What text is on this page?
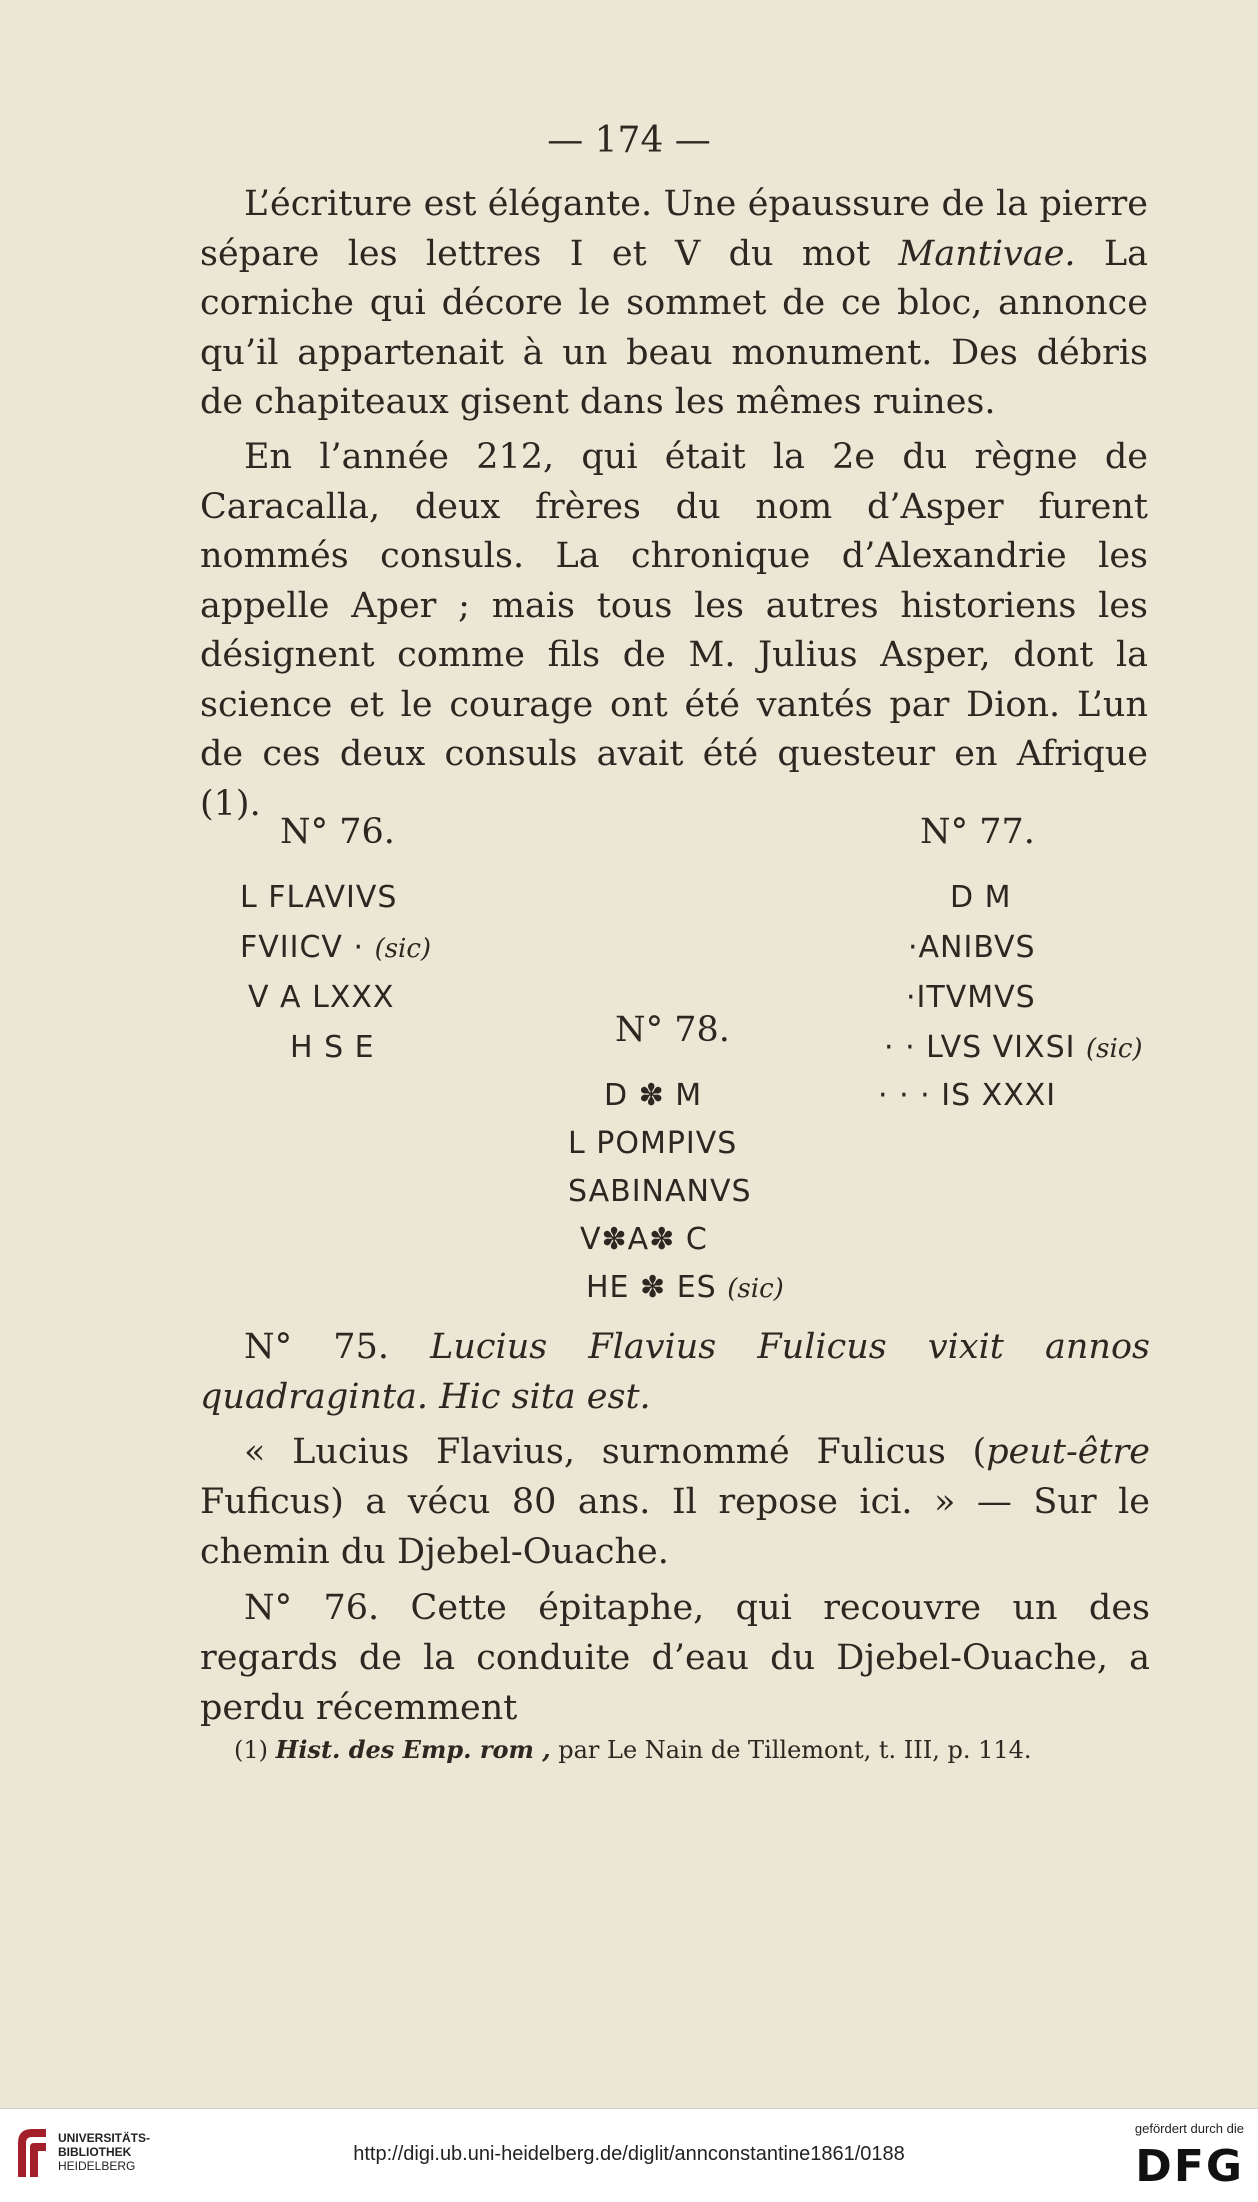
— 174 —
L’écriture est élégante. Une épaussure de la pierre sépare les lettres I et V du mot Mantivae. La corniche qui décore le sommet de ce bloc, annonce qu’il appartenait à un beau monument. Des débris de chapiteaux gisent dans les mêmes ruines.
En l’année 212, qui était la 2e du règne de Caracalla, deux frères du nom d’Asper furent nommés consuls. La chronique d’Alexandrie les appelle Aper ; mais tous les autres historiens les désignent comme fils de M. Julius Asper, dont la science et le courage ont été vantés par Dion. L’un de ces deux consuls avait été questeur en Afrique (1).
N° 76.
L FLAVIVS
FVIICV · (sic)
V A LXXX
H S E
N° 77.
D M
·ANIBVS
·ITVMVS
· · LVS VIXSI (sic)
· · · IS XXXI
N° 78.
D ✽ M
L POMPIVS
SABINANVS
V✽A✽ C
HE ✽ ES (sic)
N° 75. Lucius Flavius Fulicus vixit annos quadraginta. Hic sita est.
« Lucius Flavius, surnommé Fulicus (peut-être Fuficus) a vécu 80 ans. Il repose ici. » — Sur le chemin du Djebel-Ouache.
N° 76. Cette épitaphe, qui recouvre un des regards de la conduite d’eau du Djebel-Ouache, a perdu récemment
(1) Hist. des Emp. rom , par Le Nain de Tillemont, t. III, p. 114.
UNIVERSITÄTS-
BIBLIOTHEK
HEIDELBERG
http://digi.ub.uni-heidelberg.de/diglit/annconstantine1861/0188
gefördert durch die
DFG
